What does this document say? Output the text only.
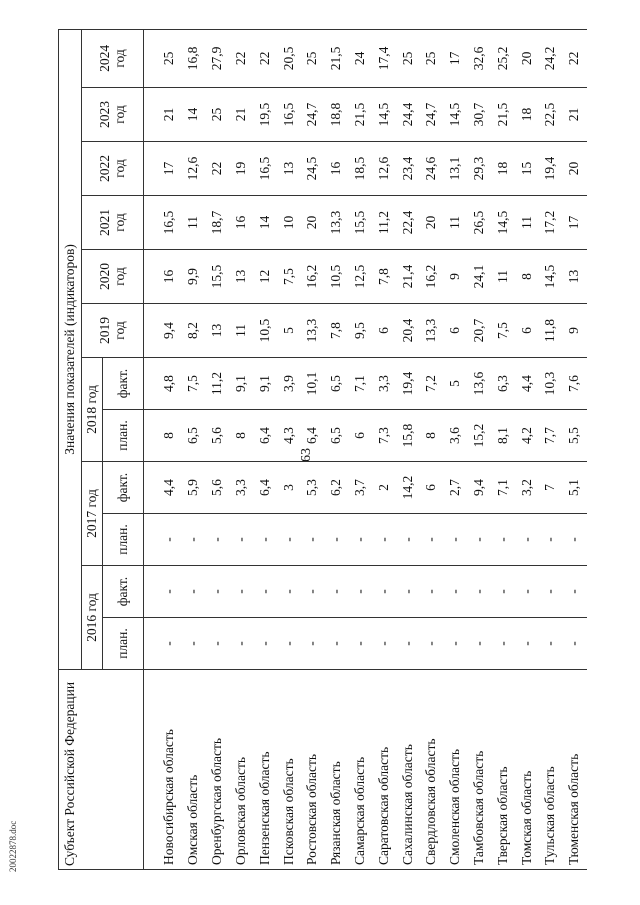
63
20022878.doc	Субъект Российской Федерации	Значения показателей (индикаторов)											
	2016 год		2017 год		2018 год		2019 год	2020 год	2021 год	2022 год	2023 год	2024 год

	план.	факт.	план.	факт.	план.	факт.						
Новосибирская область	-	-	-	4,4	8	4,8	9,4	16	16,5	17	21	25
Омская область	-	-	-	5,9	6,5	7,5	8,2	9,9	11	12,6	14	16,8
Оренбургская область	-	-	-	5,6	5,6	11,2	13	15,5	18,7	22	25	27,9
Орловская область	-	-	-	3,3	8	9,1	11	13	16	19	21	22
Пензенская область	-	-	-	6,4	6,4	9,1	10,5	12	14	16,5	19,5	22
Псковская область	-	-	-	3	4,3	3,9	5	7,5	10	13	16,5	20,5
Ростовская область	-	-	-	5,3	6,4	10,1	13,3	16,2	20	24,5	24,7	25
Рязанская область	-	-	-	6,2	6,5	6,5	7,8	10,5	13,3	16	18,8	21,5
Самарская область	-	-	-	3,7	6	7,1	9,5	12,5	15,5	18,5	21,5	24
Саратовская область	-	-	-	2	7,3	3,3	6	7,8	11,2	12,6	14,5	17,4
Сахалинская область	-	-	-	14,2	15,8	19,4	20,4	21,4	22,4	23,4	24,4	25
Свердловская область	-	-	-	6	8	7,2	13,3	16,2	20	24,6	24,7	25
Смоленская область	-	-	-	2,7	3,6	5	6	9	11	13,1	14,5	17
Тамбовская область	-	-	-	9,4	15,2	13,6	20,7	24,1	26,5	29,3	30,7	32,6
Тверская область	-	-	-	7,1	8,1	6,3	7,5	11	14,5	18	21,5	25,2
Томская область	-	-	-	3,2	4,2	4,4	6	8	11	15	18	20
Тульская область	-	-	-	7	7,7	10,3	11,8	14,5	17,2	19,4	22,5	24,2
Тюменская область	-	-	-	5,1	5,5	7,6	9	13	17	20	21	22
